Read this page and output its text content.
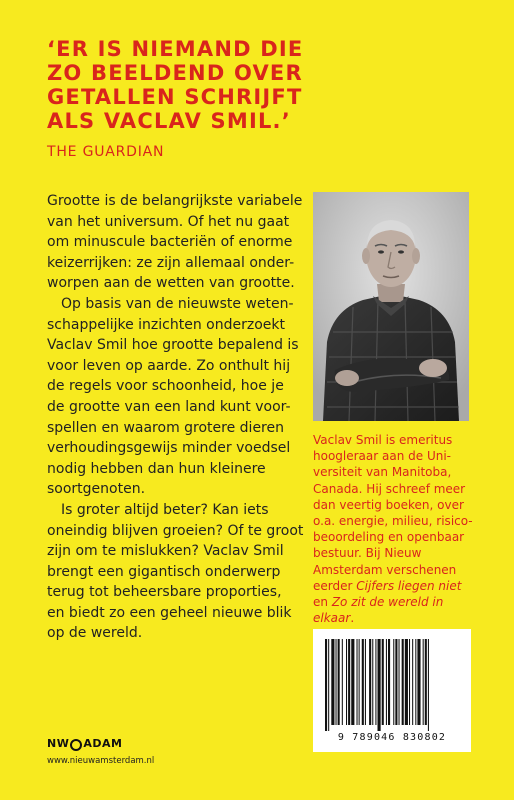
‘ER IS NIEMAND DIE
ZO BEELDEND OVER
GETALLEN SCHRIJFT
ALS VACLAV SMIL.’
THE GUARDIAN
Grootte is de belangrijkste variabele
van het universum. Of het nu gaat
om minuscule bacteriën of enorme
keizerrijken: ze zijn allemaal onder-
worpen aan de wetten van grootte.
Op basis van de nieuwste weten-
schappelijke inzichten onderzoekt
Vaclav Smil hoe grootte bepalend is
voor leven op aarde. Zo onthult hij
de regels voor schoonheid, hoe je
de grootte van een land kunt voor-
spellen en waarom grotere dieren
verhoudingsgewijs minder voedsel
nodig hebben dan hun kleinere
soortgenoten.
Is groter altijd beter? Kan iets
oneindig blijven groeien? Of te groot
zijn om te mislukken? Vaclav Smil
brengt een gigantisch onderwerp
terug tot beheersbare proporties,
en biedt zo een geheel nieuwe blik
op de wereld.
Vaclav Smil is emeritus
hoogleraar aan de Uni-
versiteit van Manitoba,
Canada. Hij schreef meer
dan veertig boeken, over
o.a. energie, milieu, risico-
beoordeling en openbaar
bestuur. Bij Nieuw
Amsterdam verschenen
eerder Cijfers liegen niet
en Zo zit de wereld in
elkaar.
9 789046 830802
NW ADAM
www.nieuwamsterdam.nl
